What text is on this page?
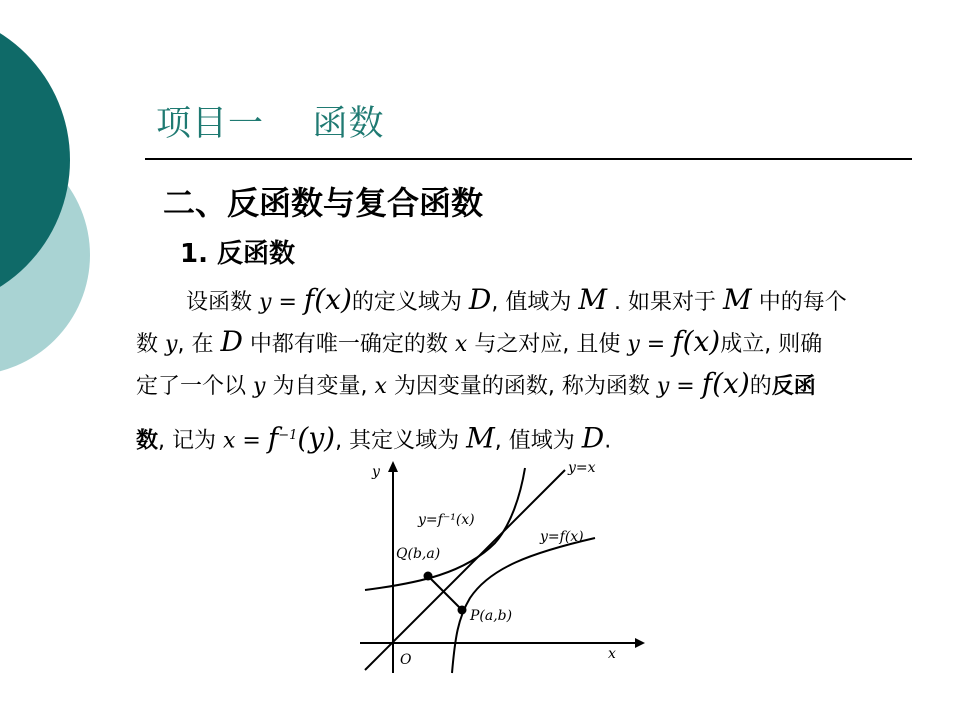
项目一 函数
二、反函数与复合函数
1. 反函数
设函数 y = f(x)的定义域为 D, 值域为 M . 如果对于 M 中的每个
数 y, 在 D 中都有唯一确定的数 x 与之对应, 且使 y = f(x)成立, 则确
定了一个以 y 为自变量, x 为因变量的函数, 称为函数 y = f(x)的反函
数, 记为 $x = f^{-1}(y)$, 其定义域为 M, 值域为 D.
y
x
O
y=x
y=f⁻¹(x)
y=f(x)
Q(b,a)
P(a,b)
